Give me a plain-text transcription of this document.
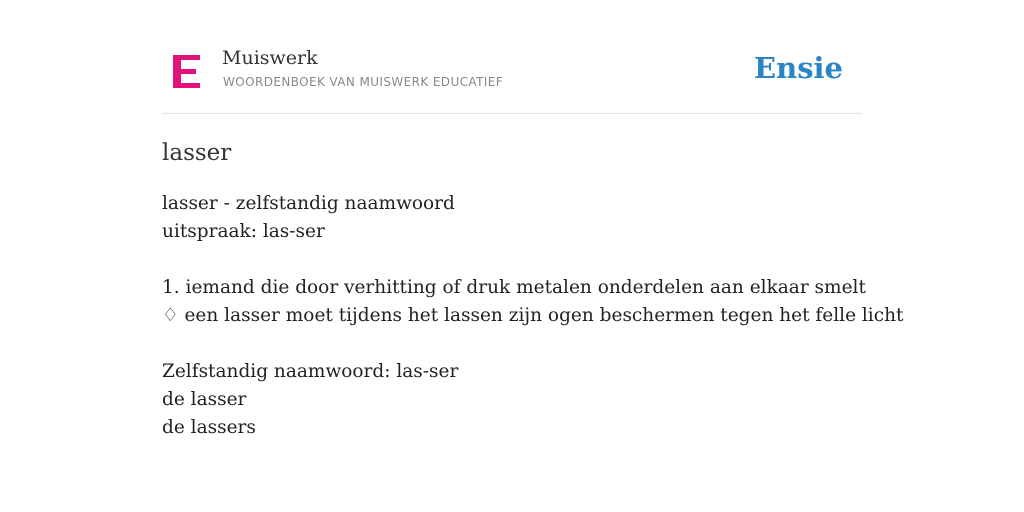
Muiswerk
WOORDENBOEK VAN MUISWERK EDUCATIEF	Ensie
lasser
lasser - zelfstandig naamwoord
uitspraak: las-ser
1. iemand die door verhitting of druk metalen onderdelen aan elkaar smelt
♢ een lasser moet tijdens het lassen zijn ogen beschermen tegen het felle licht
Zelfstandig naamwoord: las-ser
de lasser
de lassers
